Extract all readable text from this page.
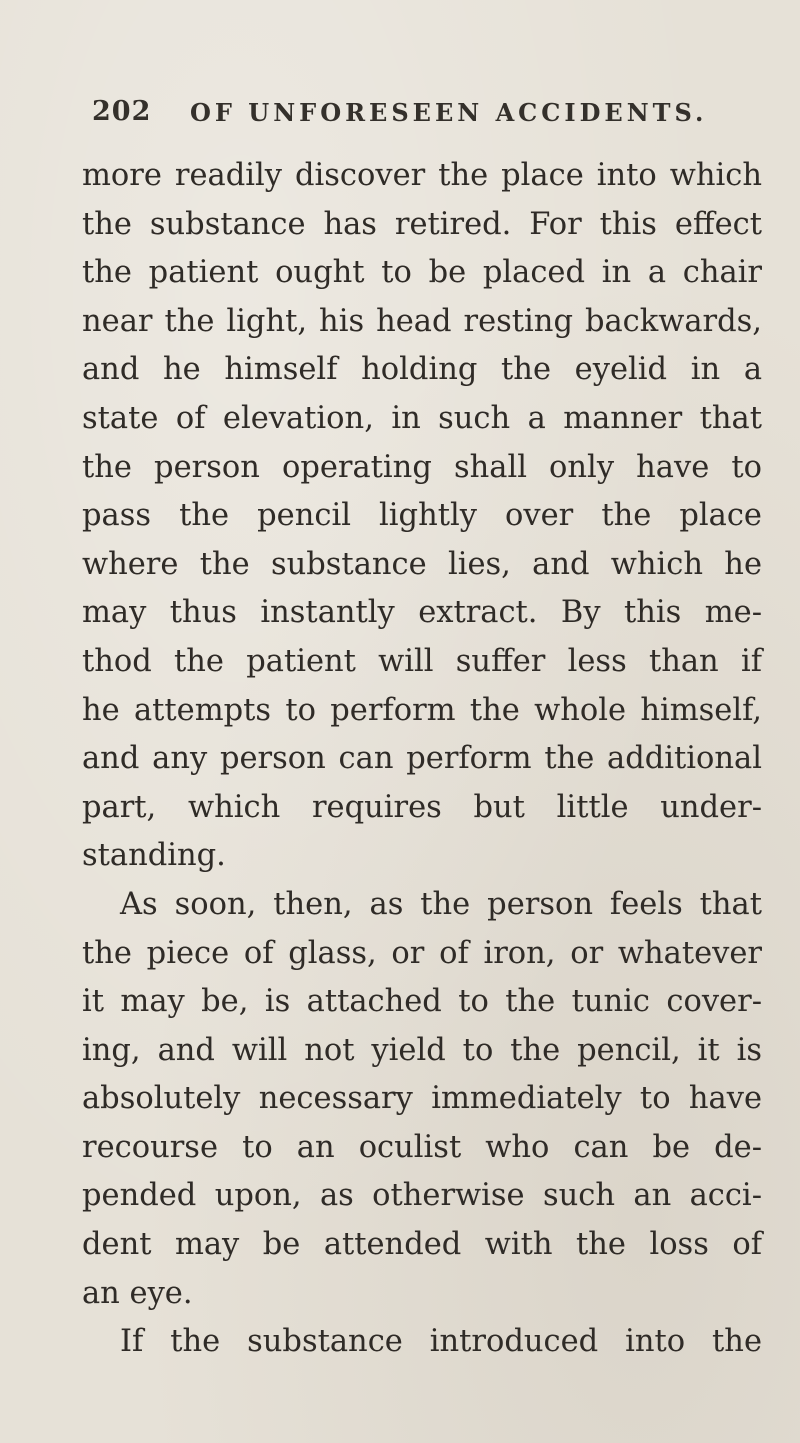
202 OF UNFORESEEN ACCIDENTS.
more readily discover the place into which
the substance has retired. For this effect
the patient ought to be placed in a chair
near the light, his head resting backwards,
and he himself holding the eyelid in a
state of elevation, in such a manner that
the person operating shall only have to
pass the pencil lightly over the place
where the substance lies, and which he
may thus instantly extract. By this me-
thod the patient will suffer less than if
he attempts to perform the whole himself,
and any person can perform the additional
part, which requires but little under-
standing.
As soon, then, as the person feels that
the piece of glass, or of iron, or whatever
it may be, is attached to the tunic cover-
ing, and will not yield to the pencil, it is
absolutely necessary immediately to have
recourse to an oculist who can be de-
pended upon, as otherwise such an acci-
dent may be attended with the loss of
an eye.
If the substance introduced into the
